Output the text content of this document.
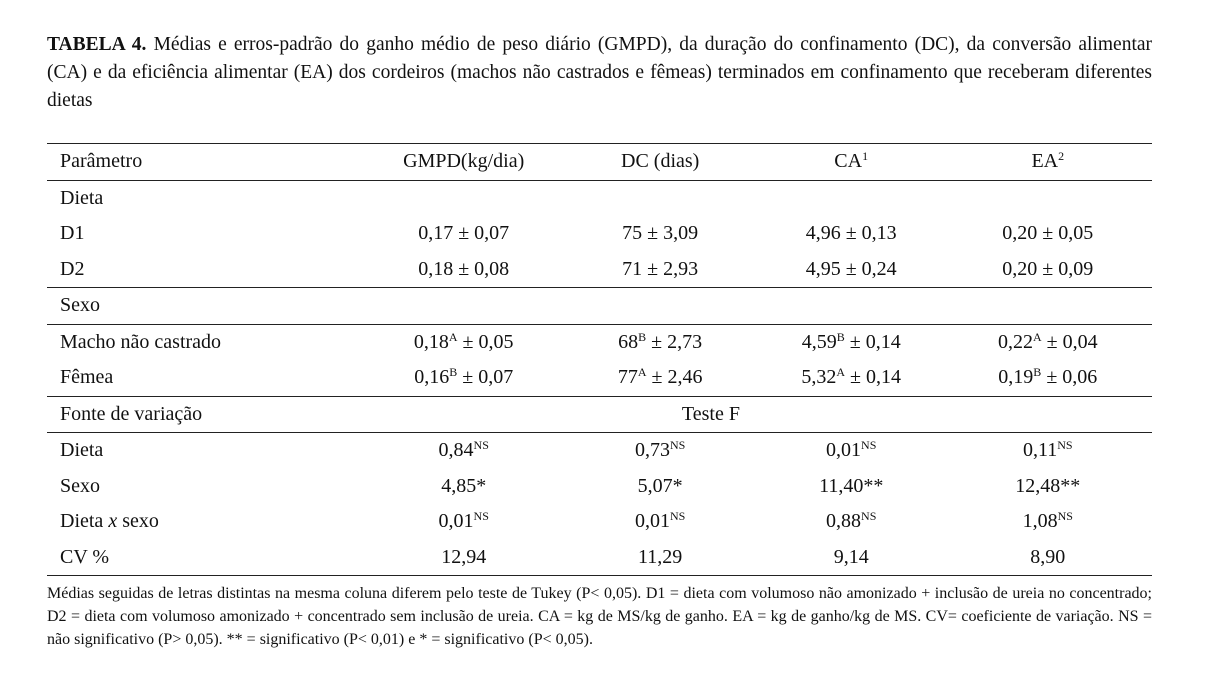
TABELA 4. Médias e erros-padrão do ganho médio de peso diário (GMPD), da duração do confinamento (DC), da conversão alimentar (CA) e da eficiência alimentar (EA) dos cordeiros (machos não castrados e fêmeas) terminados em confinamento que receberam diferentes dietas
Parâmetro	GMPD(kg/dia)	DC (dias)	$CA^1$	$EA^2$
Dieta				
D1	0,17 ± 0,07	75 ± 3,09	4,96 ± 0,13	0,20 ± 0,05
D2	0,18 ± 0,08	71 ± 2,93	4,95 ± 0,24	0,20 ± 0,09
Sexo				
Macho não castrado	$0,18^A \pm 0,05$	$68^B \pm 2,73$	$4,59^B \pm 0,14$	$0,22^A \pm 0,04$
Fêmea	$0,16^B \pm 0,07$	$77^A \pm 2,46$	$5,32^A \pm 0,14$	$0,19^B \pm 0,06$
Fonte de variação	Teste F			
Dieta	$0,84^{NS}$	$0,73^{NS}$	$0,01^{NS}$	$0,11^{NS}$
Sexo	4,85*	5,07*	11,40**	12,48**
Dieta x sexo	$0,01^{NS}$	$0,01^{NS}$	$0,88^{NS}$	$1,08^{NS}$
CV %	12,94	11,29	9,14	8,90
Médias seguidas de letras distintas na mesma coluna diferem pelo teste de Tukey (P< 0,05). D1 = dieta com volumoso não amonizado + inclusão de ureia no concentrado; D2 = dieta com volumoso amonizado + concentrado sem inclusão de ureia. CA = kg de MS/kg de ganho. EA = kg de ganho/kg de MS. CV= coeficiente de variação. NS = não significativo (P> 0,05). ** = significativo (P< 0,01) e * = significativo (P< 0,05).
